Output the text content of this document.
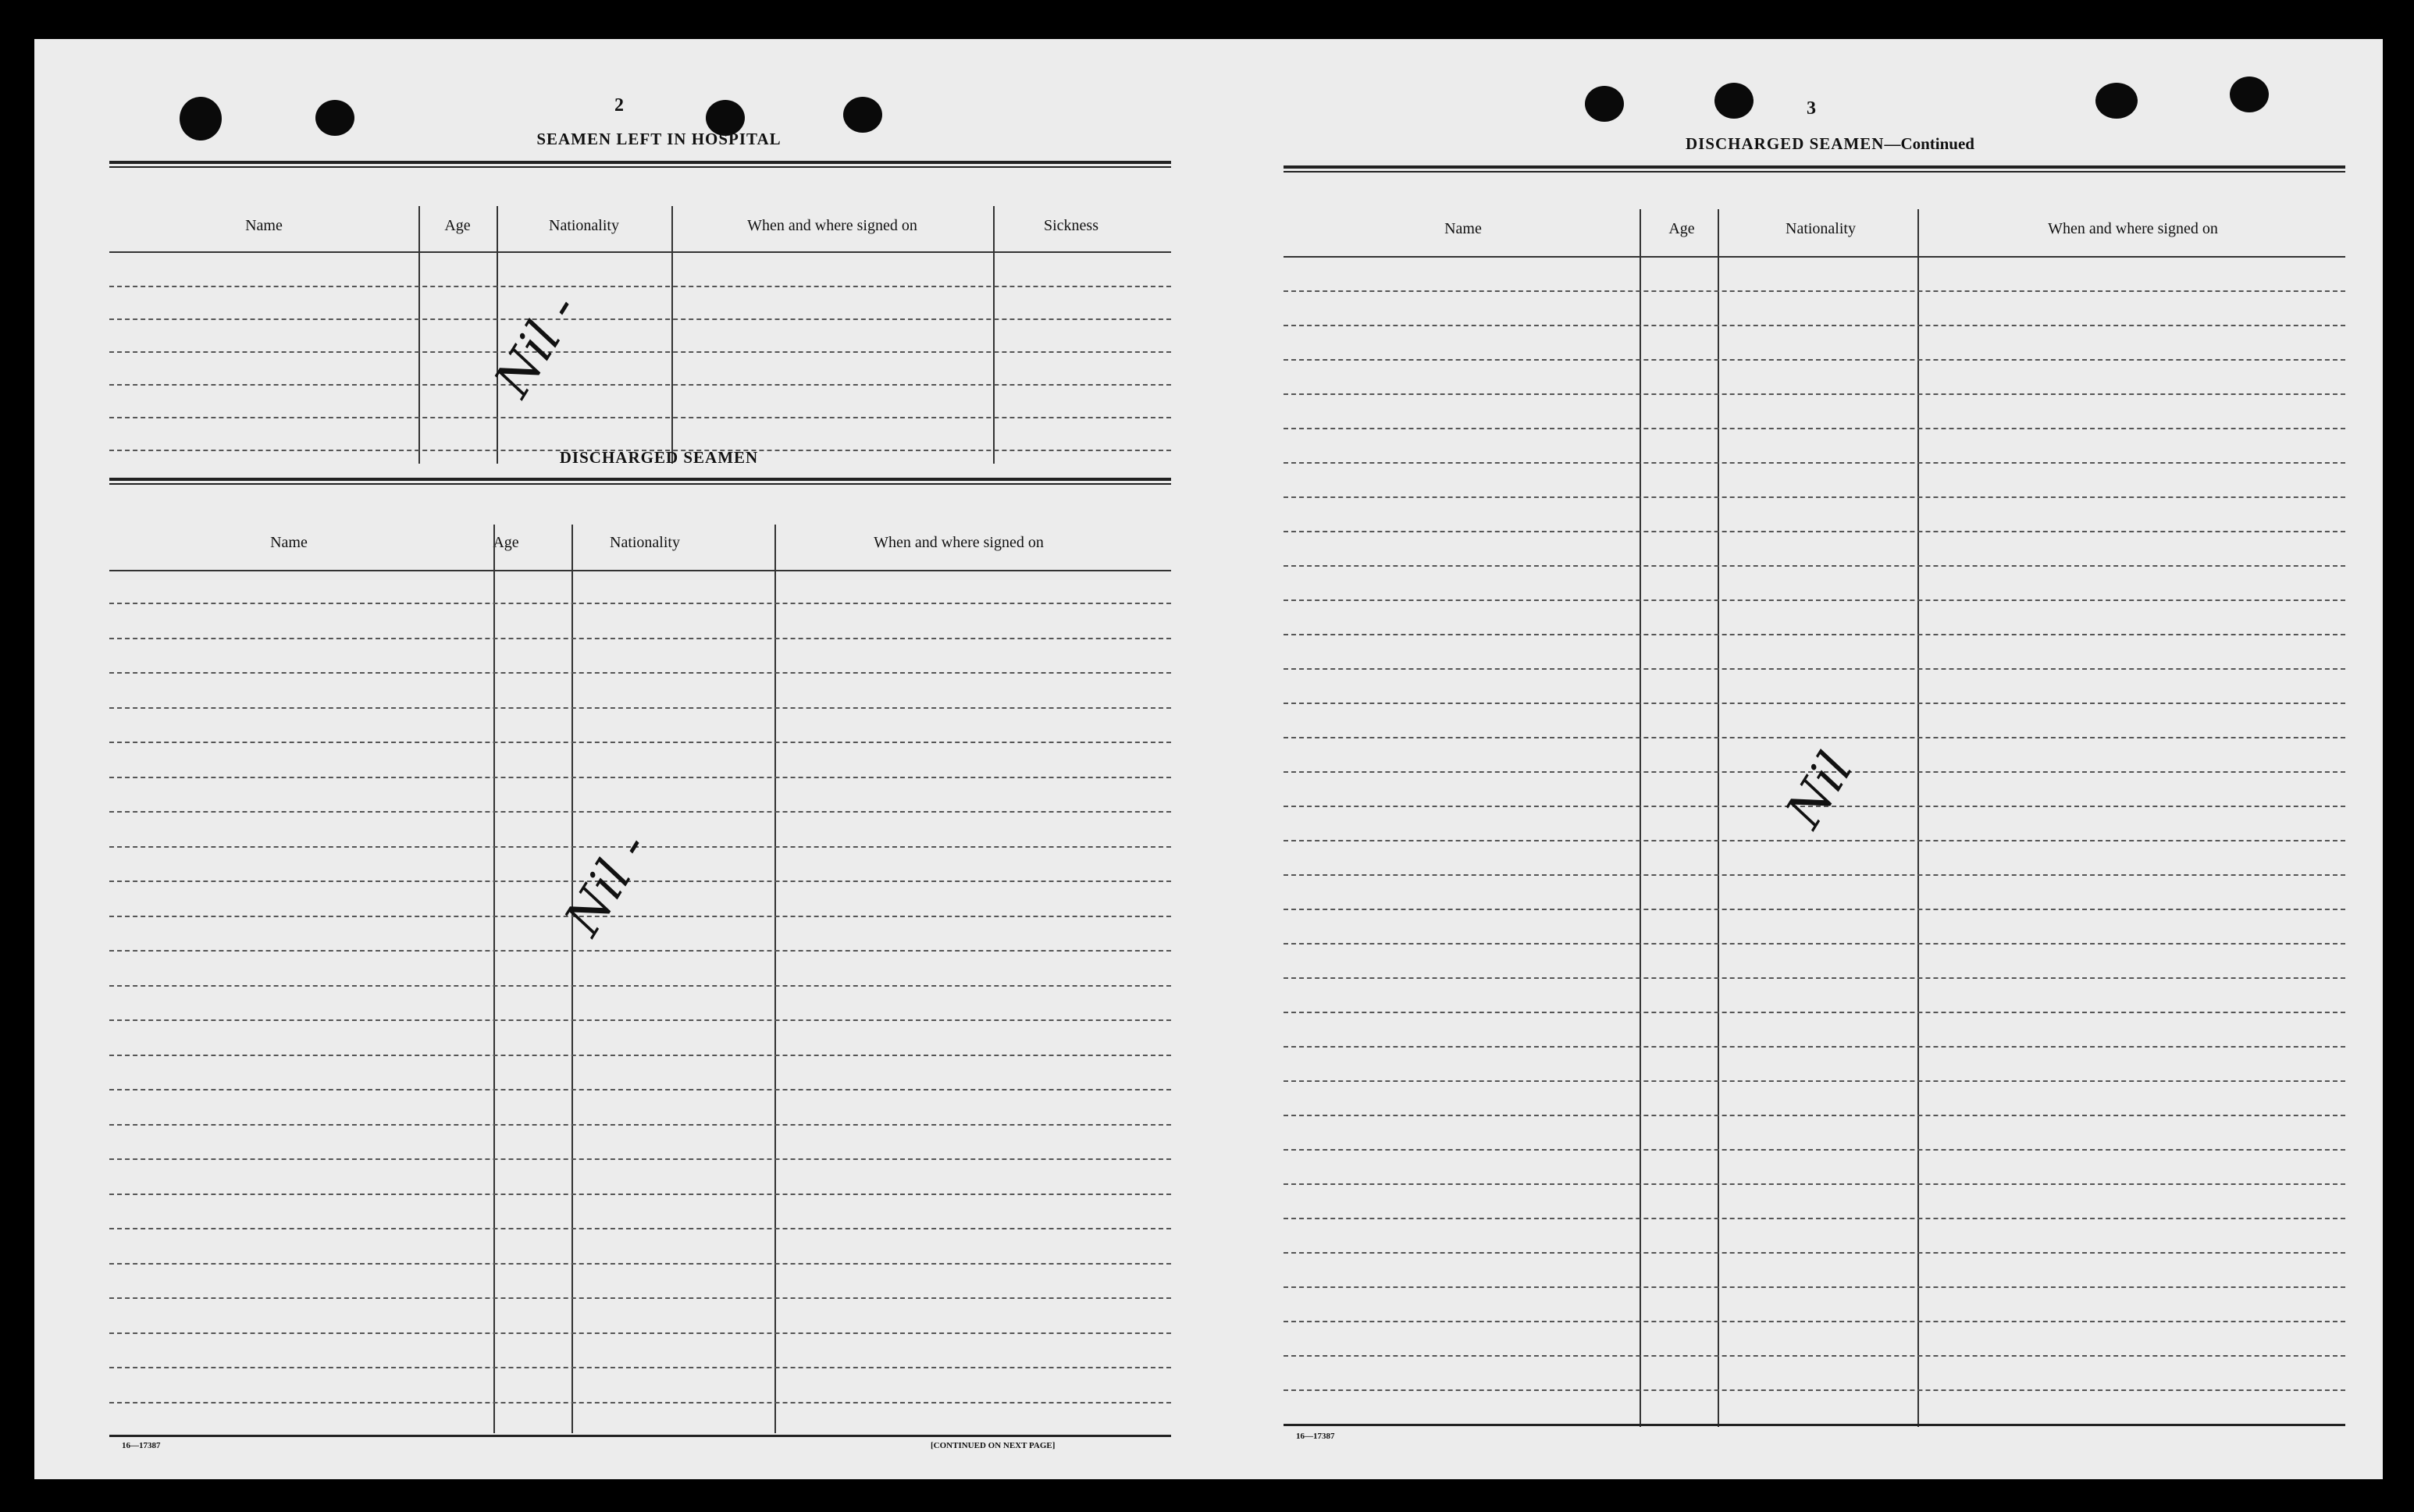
2
SEAMEN LEFT IN HOSPITAL
Name	Age	Nationality	When and where signed on	Sickness
Nil -
DISCHARGED SEAMEN
Name	Age	Nationality	When and where signed on
Nil -
16—17387	[CONTINUED ON NEXT PAGE]
3
DISCHARGED SEAMEN—Continued
Name	Age	Nationality	When and where signed on
Nil
16—17387
